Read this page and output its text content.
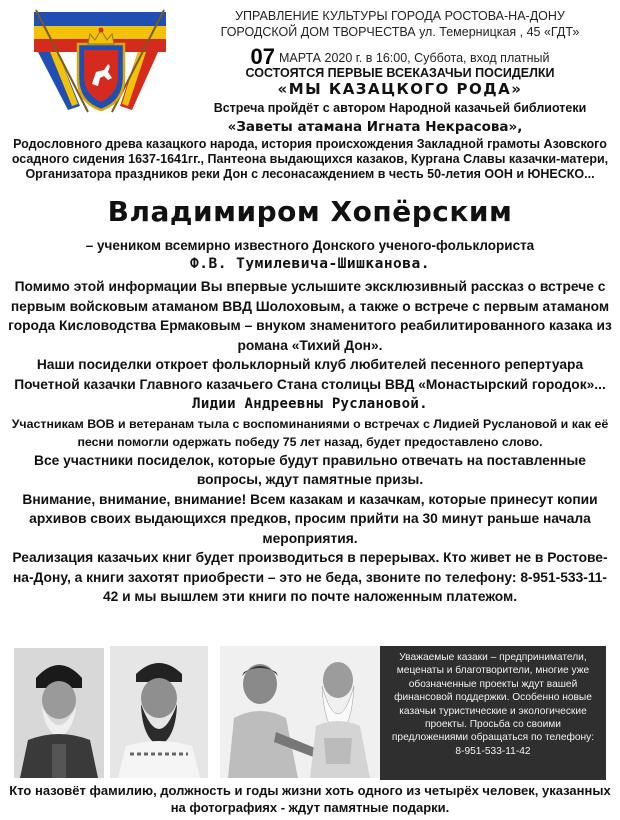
УПРАВЛЕНИЕ КУЛЬТУРЫ ГОРОДА РОСТОВА-НА-ДОНУ
ГОРОДСКОЙ ДОМ ТВОРЧЕСТВА ул. Темерницкая , 45 «ГДТ»
07 МАРТА 2020 г. в 16:00, Суббота, вход платный
СОСТОЯТСЯ ПЕРВЫЕ ВСЕКАЗАЧЬИ ПОСИДЕЛКИ
«МЫ КАЗАЦКОГО РОДА»
Встреча пройдёт с автором Народной казачьей библиотеки
«Заветы атамана Игната Некрасова»,
Родословного древа казацкого народа, история происхождения Закладной грамоты Азовского осадного сидения 1637-1641гг., Пантеона выдающихся казаков, Кургана Славы казачки-матери, Организатора праздников реки Дон с лесонасаждением в честь 50-летия ООН и ЮНЕСКО...
Владимиром Хопёрским
– учеником всемирно известного Донского ученого-фольклориста
Ф.В. Тумилевича-Шишканова.

Помимо этой информации Вы впервые услышите эксклюзивный рассказ о встрече с первым войсковым атаманом ВВД Шолоховым, а также о встрече с первым атаманом города Кисловодства Ермаковым – внуком знаменитого реабилитированного казака из романа «Тихий Дон».

Наши посиделки откроет фольклорный клуб любителей песенного репертуара Почетной казачки Главного казачьего Стана столицы ВВД «Монастырский городок»... Лидии Андреевны Руслановой.

Участникам ВОВ и ветеранам тыла с воспоминаниями о встречах с Лидией Руслановой и как её песни помогли одержать победу 75 лет назад, будет предоставлено слово.

Все участники посиделок, которые будут правильно отвечать на поставленные вопросы, ждут памятные призы.

Внимание, внимание, внимание! Всем казакам и казачкам, которые принесут копии архивов своих выдающихся предков, просим прийти на 30 минут раньше начала мероприятия.

Реализация казачьих книг будет производиться в перерывах. Кто живет не в Ростове-на-Дону, а книги захотят приобрести – это не беда, звоните по телефону: 8-951-533-11-42 и мы вышлем эти книги по почте наложенным платежом.

Уважаемые казаки – предприниматели, меценаты и благотворители, многие уже обозначенные проекты ждут вашей финансовой поддержки. Особенно новые казачьи туристические и экологические проекты. Просьба со своими предложениями обращаться по телефону: 8-951-533-11-42
Кто назовёт фамилию, должность и годы жизни хоть одного из четырёх человек, указанных на фотографиях - ждут памятные подарки.
